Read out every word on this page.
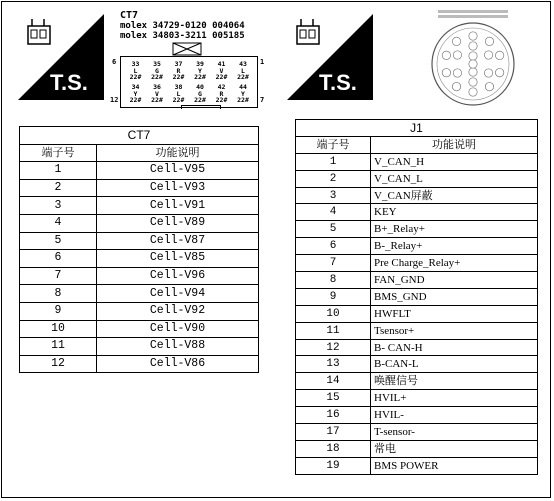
T.S.	T.S.
CT7
molex 34729-0120 004064
molex 34803-3211 005185
6	1
12	7
33
L
22#
35
G
22#
37
R
22#
39
Y
22#
41
V
22#
43
L
22#
34
Y
22#
36
V
22#
38
L
22#
40
G
22#
42
R
22#
44
Y
22#
CT7	
端子号	功能说明
1	Cell-V95
2	Cell-V93
3	Cell-V91
4	Cell-V89
5	Cell-V87
6	Cell-V85
7	Cell-V96
8	Cell-V94
9	Cell-V92
10	Cell-V90
11	Cell-V88
12	Cell-V86
J1	
端子号	功能说明
1	V_CAN_H
2	V_CAN_L
3	V_CAN屏蔽
4	KEY
5	B+_Relay+
6	B-_Relay+
7	Pre Charge_Relay+
8	FAN_GND
9	BMS_GND
10	HWFLT
11	Tsensor+
12	B- CAN-H
13	B-CAN-L
14	唤醒信号
15	HVIL+
16	HVIL-
17	T-sensor-
18	常电
19	BMS POWER
